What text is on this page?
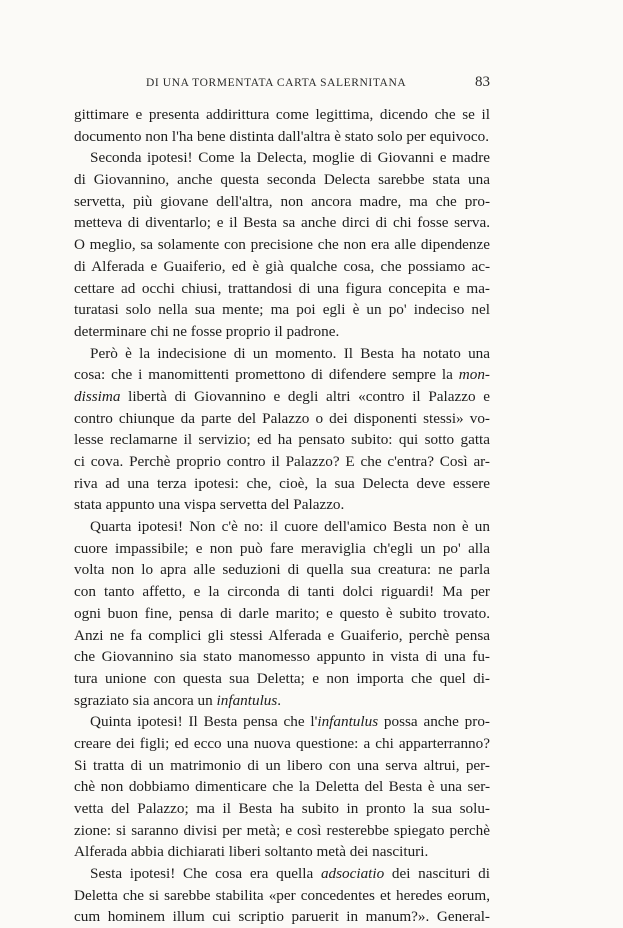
DI UNA TORMENTATA CARTA SALERNITANA	83
gittimare e presenta addirittura come legittima, dicendo che se il
documento non l'ha bene distinta dall'altra è stato solo per equivoco.
Seconda ipotesi! Come la Delecta, moglie di Giovanni e madre
di Giovannino, anche questa seconda Delecta sarebbe stata una
servetta, più giovane dell'altra, non ancora madre, ma che pro-
metteva di diventarlo; e il Besta sa anche dirci di chi fosse serva.
O meglio, sa solamente con precisione che non era alle dipendenze
di Alferada e Guaiferio, ed è già qualche cosa, che possiamo ac-
cettare ad occhi chiusi, trattandosi di una figura concepita e ma-
turatasi solo nella sua mente; ma poi egli è un po' indeciso nel
determinare chi ne fosse proprio il padrone.
Però è la indecisione di un momento. Il Besta ha notato una
cosa: che i manomittenti promettono di difendere sempre la mon-
dissima libertà di Giovannino e degli altri «contro il Palazzo e
contro chiunque da parte del Palazzo o dei disponenti stessi» vo-
lesse reclamarne il servizio; ed ha pensato subito: qui sotto gatta
ci cova. Perchè proprio contro il Palazzo? E che c'entra? Così ar-
riva ad una terza ipotesi: che, cioè, la sua Delecta deve essere
stata appunto una vispa servetta del Palazzo.
Quarta ipotesi! Non c'è no: il cuore dell'amico Besta non è un
cuore impassibile; e non può fare meraviglia ch'egli un po' alla
volta non lo apra alle seduzioni di quella sua creatura: ne parla
con tanto affetto, e la circonda di tanti dolci riguardi! Ma per
ogni buon fine, pensa di darle marito; e questo è subito trovato.
Anzi ne fa complici gli stessi Alferada e Guaiferio, perchè pensa
che Giovannino sia stato manomesso appunto in vista di una fu-
tura unione con questa sua Deletta; e non importa che quel di-
sgraziato sia ancora un infantulus.
Quinta ipotesi! Il Besta pensa che l'infantulus possa anche pro-
creare dei figli; ed ecco una nuova questione: a chi apparterranno?
Si tratta di un matrimonio di un libero con una serva altrui, per-
chè non dobbiamo dimenticare che la Deletta del Besta è una ser-
vetta del Palazzo; ma il Besta ha subito in pronto la sua solu-
zione: si saranno divisi per metà; e così resterebbe spiegato perchè
Alferada abbia dichiarati liberi soltanto metà dei nascituri.
Sesta ipotesi! Che cosa era quella adsociatio dei nascituri di
Deletta che si sarebbe stabilita «per concedentes et heredes eorum,
cum hominem illum cui scriptio paruerit in manum?». General-
